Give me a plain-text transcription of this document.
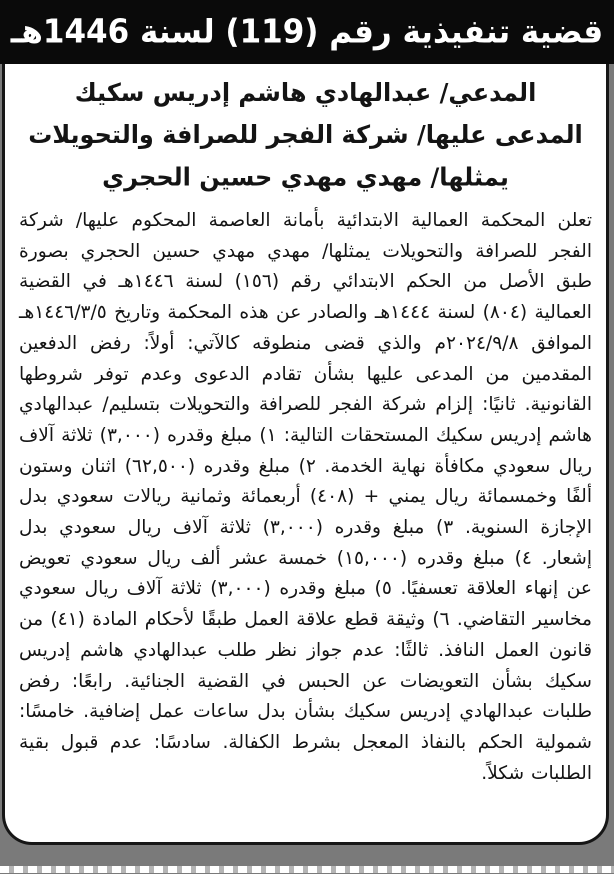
قضية تنفيذية رقم (119) لسنة 1446هـ
المدعي/ عبدالهادي هاشم إدريس سكيك
المدعى عليها/ شركة الفجر للصرافة والتحويلات
يمثلها/ مهدي مهدي حسين الحجري

تعلن المحكمة العمالية الابتدائية بأمانة العاصمة المحكوم عليها/ شركة الفجر للصرافة والتحويلات يمثلها/ مهدي مهدي حسين الحجري بصورة طبق الأصل من الحكم الابتدائي رقم (١٥٦) لسنة ١٤٤٦هـ في القضية العمالية (٨٠٤) لسنة ١٤٤٤هـ والصادر عن هذه المحكمة وتاريخ ١٤٤٦/٣/٥هـ الموافق ٢٠٢٤/٩/٨م والذي قضى منطوقه كالآتي: أولاً: رفض الدفعين المقدمين من المدعى عليها بشأن تقادم الدعوى وعدم توفر شروطها القانونية. ثانيًا: إلزام شركة الفجر للصرافة والتحويلات بتسليم/ عبدالهادي هاشم إدريس سكيك المستحقات التالية: ١) مبلغ وقدره (٣,٠٠٠) ثلاثة آلاف ريال سعودي مكافأة نهاية الخدمة. ٢) مبلغ وقدره (٦٢,٥٠٠) اثنان وستون ألفًا وخمسمائة ريال يمني + (٤٠٨) أربعمائة وثمانية ريالات سعودي بدل الإجازة السنوية. ٣) مبلغ وقدره (٣,٠٠٠) ثلاثة آلاف ريال سعودي بدل إشعار. ٤) مبلغ وقدره (١٥,٠٠٠) خمسة عشر ألف ريال سعودي تعويض عن إنهاء العلاقة تعسفيًا. ٥) مبلغ وقدره (٣,٠٠٠) ثلاثة آلاف ريال سعودي مخاسير التقاضي. ٦) وثيقة قطع علاقة العمل طبقًا لأحكام المادة (٤١) من قانون العمل النافذ. ثالثًا: عدم جواز نظر طلب عبدالهادي هاشم إدريس سكيك بشأن التعويضات عن الحبس في القضية الجنائية. رابعًا: رفض طلبات عبدالهادي إدريس سكيك بشأن بدل ساعات عمل إضافية. خامسًا: شمولية الحكم بالنفاذ المعجل بشرط الكفالة. سادسًا: عدم قبول بقية الطلبات شكلاً.
